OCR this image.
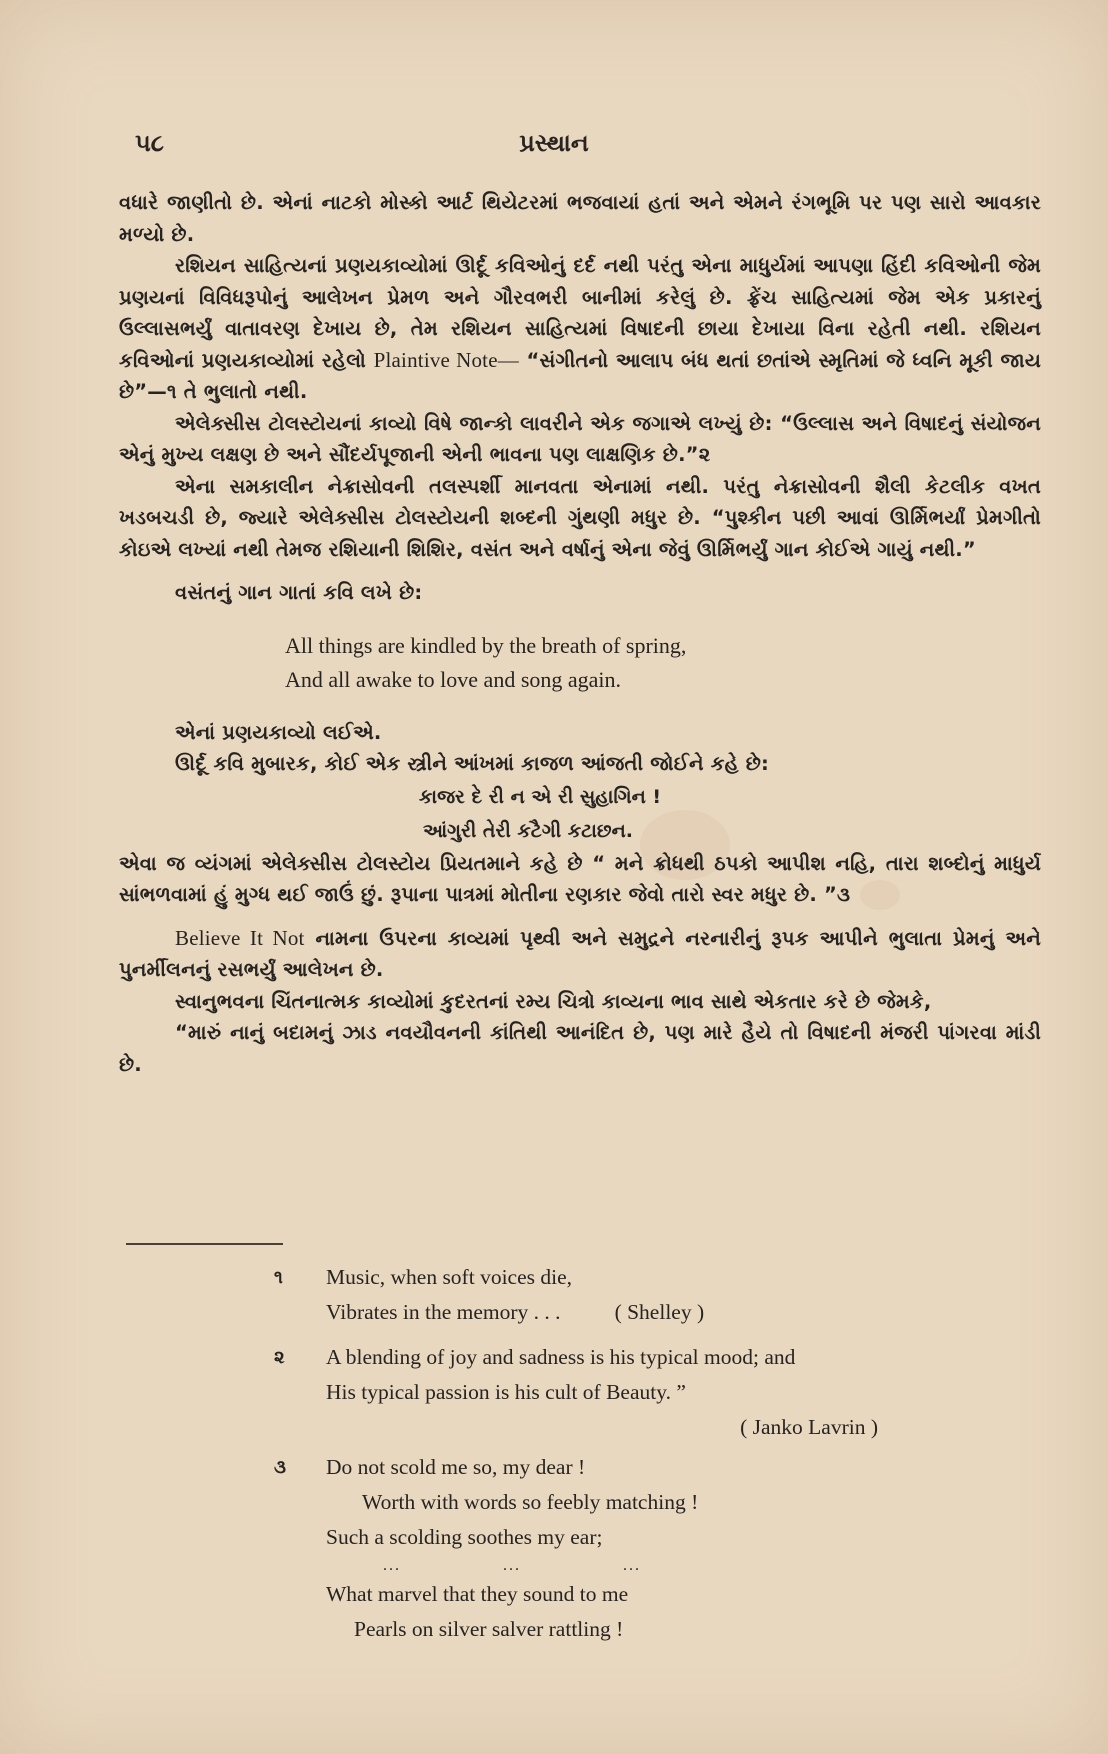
૫૮	પ્રસ્થાન

વધારે જાણીતો છે. એનાં નાટકો મોસ્કો આર્ટ થિયેટરમાં ભજવાયાં હતાં અને એમને રંગભૂમિ પર પણ સારો આવકાર મળ્યો છે.

રશિયન સાહિત્યનાં પ્રણયકાવ્યોમાં ઊર્દૂ કવિઓનું દર્દ નથી પરંતુ એના માધુર્યમાં આપણા હિંદી કવિઓની જેમ પ્રણયનાં વિવિધરૂપોનું આલેખન પ્રેમળ અને ગૌરવભરી બાનીમાં કરેલું છે. ફ્રેંચ સાહિત્યમાં જેમ એક પ્રકારનું ઉલ્લાસભર્યું વાતાવરણ દેખાય છે, તેમ રશિયન સાહિત્યમાં વિષાદની છાયા દેખાયા વિના રહેતી નથી. રશિયન કવિઓનાં પ્રણયકાવ્યોમાં રહેલો Plaintive Note— “સંગીતનો આલાપ બંધ થતાં છતાંએ સ્મૃતિમાં જે ધ્વનિ મૂકી જાય છે”—૧ તે ભુલાતો નથી.

એલેક્સીસ ટોલસ્ટોયનાં કાવ્યો વિષે જાન્કો લાવરીને એક જગાએ લખ્યું છે: “ઉલ્લાસ અને વિષાદનું સંયોજન એનું મુખ્ય લક્ષણ છે અને સૌંદર્યપૂજાની એની ભાવના પણ લાક્ષણિક છે.”૨

એના સમકાલીન નેક્રાસોવની તલસ્પર્શી માનવતા એનામાં નથી. પરંતુ નેક્રાસોવની શૈલી કેટલીક વખત ખડબચડી છે, જ્યારે એલેક્સીસ ટોલસ્ટોયની શબ્દની ગુંથણી મધુર છે. “પુશ્કીન પછી આવાં ઊર્મિભર્યાં પ્રેમગીતો કોઇએ લખ્યાં નથી તેમજ રશિયાની શિશિર, વસંત અને વર્ષાનું એના જેવું ઊર્મિભર્યું ગાન કોઈએ ગાયું નથી.”

વસંતનું ગાન ગાતાં કવિ લખે છે:

All things are kindled by the breath of spring,
And all awake to love and song again.

એનાં પ્રણયકાવ્યો લઈએ.

ઊર્દૂ કવિ મુબારક, કોઈ એક સ્ત્રીને આંખમાં કાજળ આંજતી જોઈને કહે છે:

કાજર દે રી ન એ રી સુહાગિન !

આંગુરી તેરી કટૈગી કટાછન.

એવા જ વ્યંગમાં એલેક્સીસ ટોલસ્ટોય પ્રિયતમાને કહે છે “ મને ક્રોધથી ઠપકો આપીશ નહિ, તારા શબ્દોનું માધુર્ય સાંભળવામાં હું મુગ્ધ થઈ જાઉં છું. રૂપાના પાત્રમાં મોતીના રણકાર જેવો તારો સ્વર મધુર છે. ”૩

Believe It Not નામના ઉપરના કાવ્યમાં પૃથ્વી અને સમુદ્રને નરનારીનું રૂપક આપીને ભુલાતા પ્રેમનું અને પુનર્મીલનનું રસભર્યું આલેખન છે.

સ્વાનુભવના ચિંતનાત્મક કાવ્યોમાં કુદરતનાં રમ્ય ચિત્રો કાવ્યના ભાવ સાથે એકતાર કરે છે જેમકે,

“મારું નાનું બદામનું ઝાડ નવયૌવનની કાંતિથી આનંદિત છે, પણ મારે હૈયે તો વિષાદની મંજરી પાંગરવા માંડી છે.

૧	Music, when soft voices die,
Vibrates in the memory . . .	( Shelley )
૨	A blending of joy and sadness is his typical mood; and
His typical passion is his cult of Beauty. ”
( Janko Lavrin )
૩	Do not scold me so, my dear !
Worth with words so feebly matching !
Such a scolding soothes my ear;
...	...	...
What marvel that they sound to me
Pearls on silver salver rattling !
